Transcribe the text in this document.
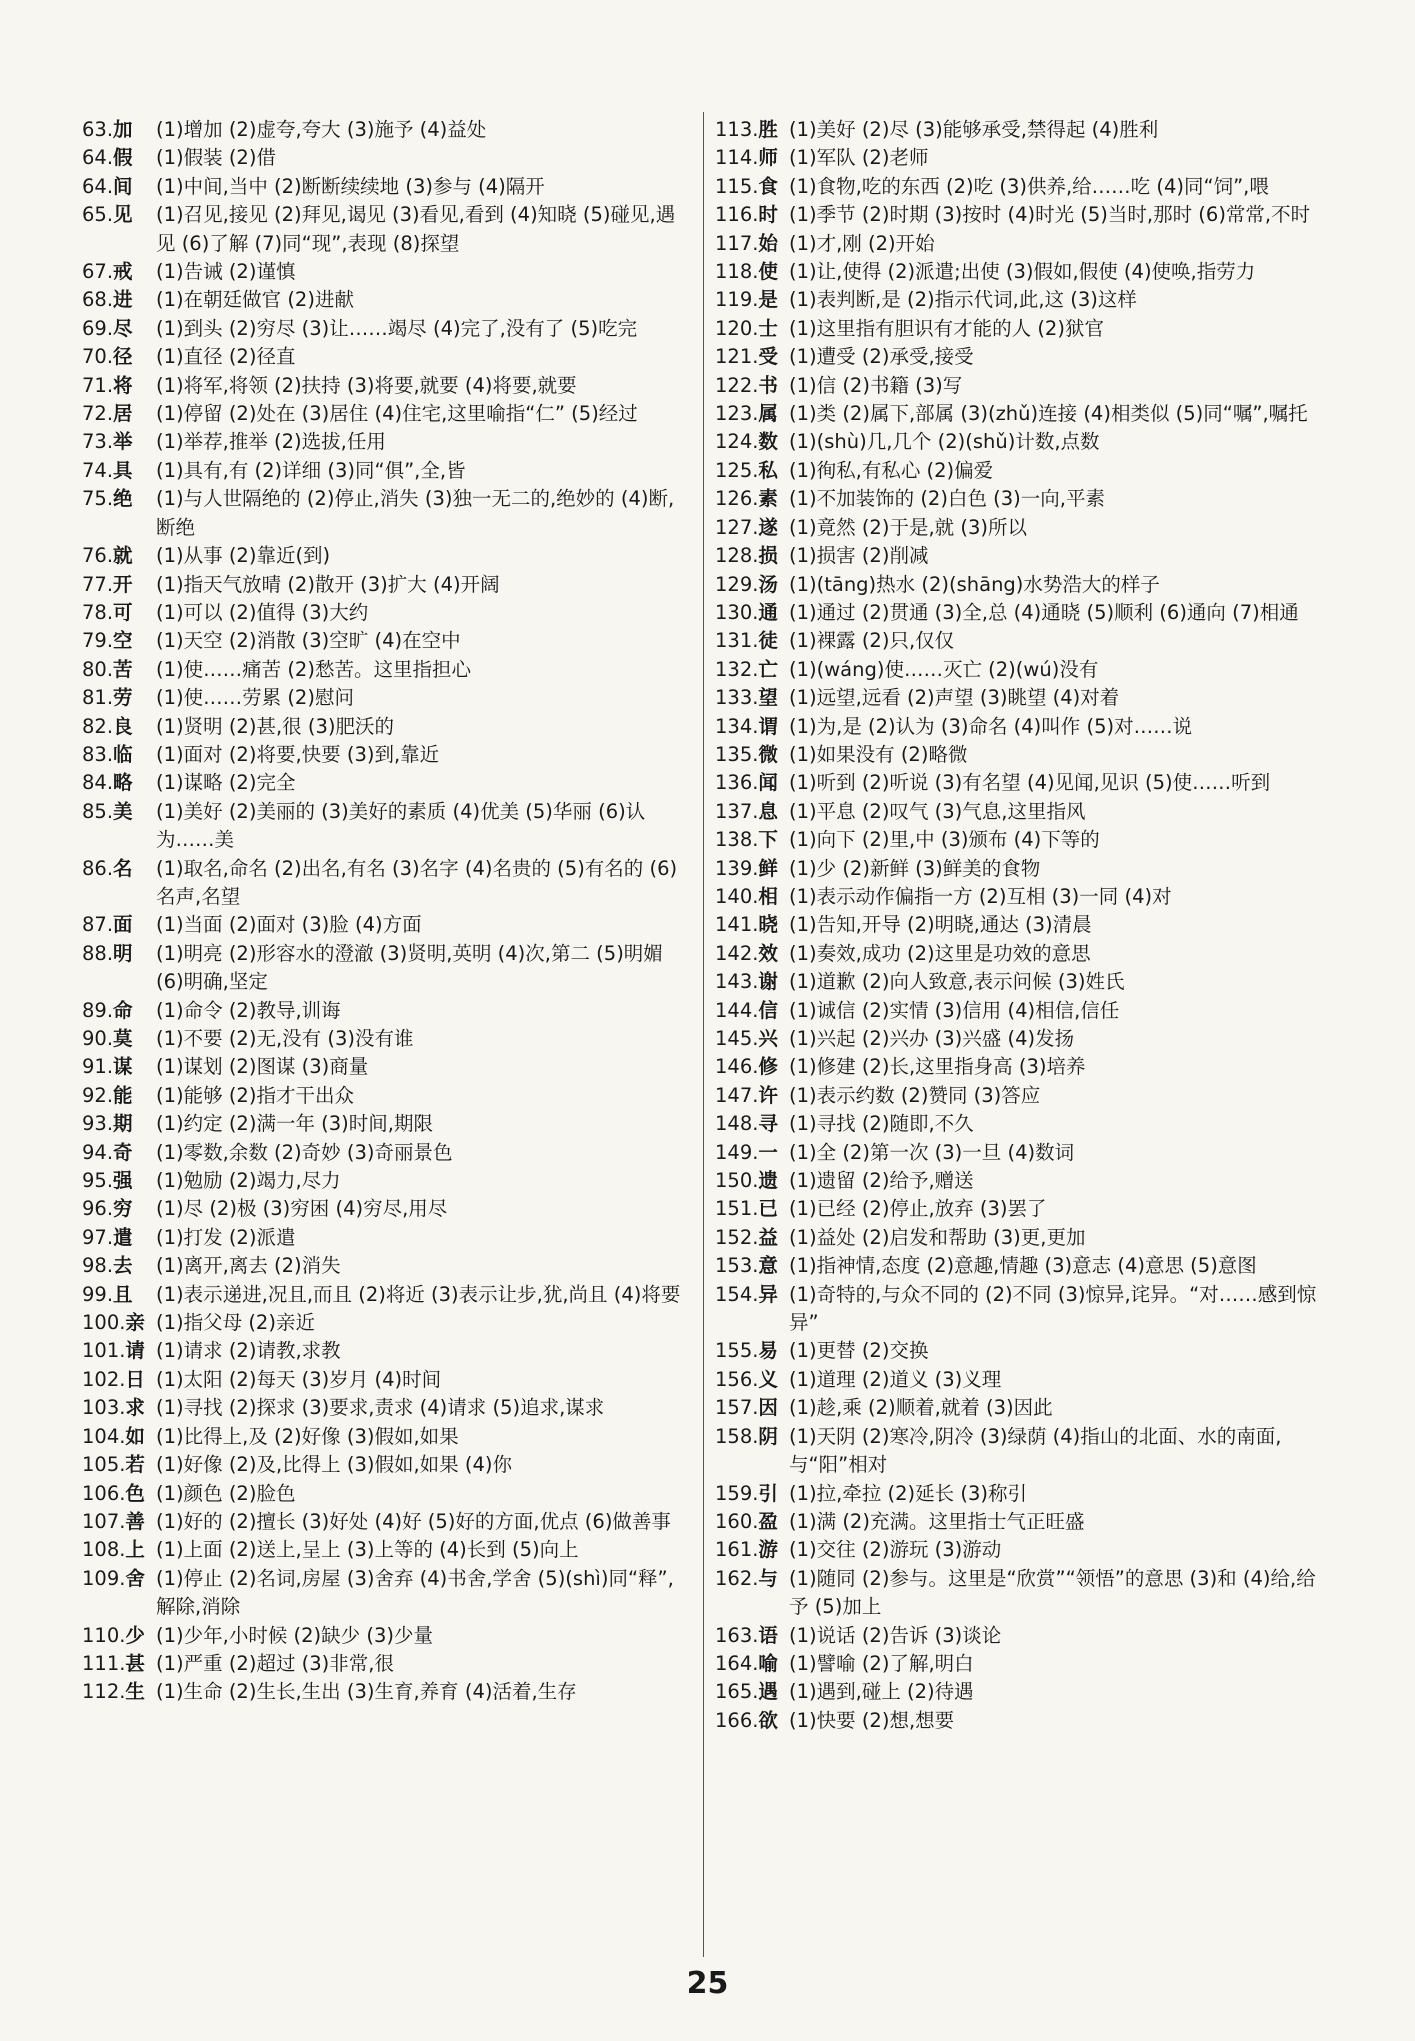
63.加	(1)增加 (2)虚夸,夸大 (3)施予 (4)益处
64.假	(1)假装 (2)借
64.间	(1)中间,当中 (2)断断续续地 (3)参与 (4)隔开
65.见	(1)召见,接见 (2)拜见,谒见 (3)看见,看到 (4)知晓 (5)碰见,遇见 (6)了解 (7)同“现”,表现 (8)探望
67.戒	(1)告诫 (2)谨慎
68.进	(1)在朝廷做官 (2)进献
69.尽	(1)到头 (2)穷尽 (3)让……竭尽 (4)完了,没有了 (5)吃完
70.径	(1)直径 (2)径直
71.将	(1)将军,将领 (2)扶持 (3)将要,就要 (4)将要,就要
72.居	(1)停留 (2)处在 (3)居住 (4)住宅,这里喻指“仁” (5)经过
73.举	(1)举荐,推举 (2)选拔,任用
74.具	(1)具有,有 (2)详细 (3)同“俱”,全,皆
75.绝	(1)与人世隔绝的 (2)停止,消失 (3)独一无二的,绝妙的 (4)断,断绝
76.就	(1)从事 (2)靠近(到)
77.开	(1)指天气放晴 (2)散开 (3)扩大 (4)开阔
78.可	(1)可以 (2)值得 (3)大约
79.空	(1)天空 (2)消散 (3)空旷 (4)在空中
80.苦	(1)使……痛苦 (2)愁苦。这里指担心
81.劳	(1)使……劳累 (2)慰问
82.良	(1)贤明 (2)甚,很 (3)肥沃的
83.临	(1)面对 (2)将要,快要 (3)到,靠近
84.略	(1)谋略 (2)完全
85.美	(1)美好 (2)美丽的 (3)美好的素质 (4)优美 (5)华丽 (6)认为……美
86.名	(1)取名,命名 (2)出名,有名 (3)名字 (4)名贵的 (5)有名的 (6)名声,名望
87.面	(1)当面 (2)面对 (3)脸 (4)方面
88.明	(1)明亮 (2)形容水的澄澈 (3)贤明,英明 (4)次,第二 (5)明媚 (6)明确,坚定
89.命	(1)命令 (2)教导,训诲
90.莫	(1)不要 (2)无,没有 (3)没有谁
91.谋	(1)谋划 (2)图谋 (3)商量
92.能	(1)能够 (2)指才干出众
93.期	(1)约定 (2)满一年 (3)时间,期限
94.奇	(1)零数,余数 (2)奇妙 (3)奇丽景色
95.强	(1)勉励 (2)竭力,尽力
96.穷	(1)尽 (2)极 (3)穷困 (4)穷尽,用尽
97.遣	(1)打发 (2)派遣
98.去	(1)离开,离去 (2)消失
99.且	(1)表示递进,况且,而且 (2)将近 (3)表示让步,犹,尚且 (4)将要
100.亲 (1)指父母 (2)亲近
101.请 (1)请求 (2)请教,求教
102.日 (1)太阳 (2)每天 (3)岁月 (4)时间
103.求 (1)寻找 (2)探求 (3)要求,责求 (4)请求 (5)追求,谋求
104.如 (1)比得上,及 (2)好像 (3)假如,如果
105.若 (1)好像 (2)及,比得上 (3)假如,如果 (4)你
106.色 (1)颜色 (2)脸色
107.善 (1)好的 (2)擅长 (3)好处 (4)好 (5)好的方面,优点 (6)做善事
108.上 (1)上面 (2)送上,呈上 (3)上等的 (4)长到 (5)向上
109.舍 (1)停止 (2)名词,房屋 (3)舍弃 (4)书舍,学舍 (5)(shì)同“释”,解除,消除
110.少 (1)少年,小时候 (2)缺少 (3)少量
111.甚 (1)严重 (2)超过 (3)非常,很
112.生 (1)生命 (2)生长,生出 (3)生育,养育 (4)活着,生存
113.胜 (1)美好 (2)尽 (3)能够承受,禁得起 (4)胜利
114.师 (1)军队 (2)老师
115.食 (1)食物,吃的东西 (2)吃 (3)供养,给……吃 (4)同“饲”,喂
116.时 (1)季节 (2)时期 (3)按时 (4)时光 (5)当时,那时 (6)常常,不时
117.始 (1)才,刚 (2)开始
118.使 (1)让,使得 (2)派遣;出使 (3)假如,假使 (4)使唤,指劳力
119.是 (1)表判断,是 (2)指示代词,此,这 (3)这样
120.士 (1)这里指有胆识有才能的人 (2)狱官
121.受 (1)遭受 (2)承受,接受
122.书 (1)信 (2)书籍 (3)写
123.属 (1)类 (2)属下,部属 (3)(zhǔ)连接 (4)相类似 (5)同“嘱”,嘱托
124.数 (1)(shù)几,几个 (2)(shǔ)计数,点数
125.私 (1)徇私,有私心 (2)偏爱
126.素 (1)不加装饰的 (2)白色 (3)一向,平素
127.遂 (1)竟然 (2)于是,就 (3)所以
128.损 (1)损害 (2)削减
129.汤 (1)(tāng)热水 (2)(shāng)水势浩大的样子
130.通 (1)通过 (2)贯通 (3)全,总 (4)通晓 (5)顺利 (6)通向 (7)相通
131.徒 (1)裸露 (2)只,仅仅
132.亡 (1)(wáng)使……灭亡 (2)(wú)没有
133.望 (1)远望,远看 (2)声望 (3)眺望 (4)对着
134.谓 (1)为,是 (2)认为 (3)命名 (4)叫作 (5)对……说
135.微 (1)如果没有 (2)略微
136.闻 (1)听到 (2)听说 (3)有名望 (4)见闻,见识 (5)使……听到
137.息 (1)平息 (2)叹气 (3)气息,这里指风
138.下 (1)向下 (2)里,中 (3)颁布 (4)下等的
139.鲜 (1)少 (2)新鲜 (3)鲜美的食物
140.相 (1)表示动作偏指一方 (2)互相 (3)一同 (4)对
141.晓 (1)告知,开导 (2)明晓,通达 (3)清晨
142.效 (1)奏效,成功 (2)这里是功效的意思
143.谢 (1)道歉 (2)向人致意,表示问候 (3)姓氏
144.信 (1)诚信 (2)实情 (3)信用 (4)相信,信任
145.兴 (1)兴起 (2)兴办 (3)兴盛 (4)发扬
146.修 (1)修建 (2)长,这里指身高 (3)培养
147.许 (1)表示约数 (2)赞同 (3)答应
148.寻 (1)寻找 (2)随即,不久
149.一 (1)全 (2)第一次 (3)一旦 (4)数词
150.遗 (1)遗留 (2)给予,赠送
151.已 (1)已经 (2)停止,放弃 (3)罢了
152.益 (1)益处 (2)启发和帮助 (3)更,更加
153.意 (1)指神情,态度 (2)意趣,情趣 (3)意志 (4)意思 (5)意图
154.异 (1)奇特的,与众不同的 (2)不同 (3)惊异,诧异。“对……感到惊异”
155.易 (1)更替 (2)交换
156.义 (1)道理 (2)道义 (3)义理
157.因 (1)趁,乘 (2)顺着,就着 (3)因此
158.阴 (1)天阴 (2)寒冷,阴冷 (3)绿荫 (4)指山的北面、水的南面,与“阳”相对
159.引 (1)拉,牵拉 (2)延长 (3)称引
160.盈 (1)满 (2)充满。这里指士气正旺盛
161.游 (1)交往 (2)游玩 (3)游动
162.与 (1)随同 (2)参与。这里是“欣赏”“领悟”的意思 (3)和 (4)给,给予 (5)加上
163.语 (1)说话 (2)告诉 (3)谈论
164.喻 (1)譬喻 (2)了解,明白
165.遇 (1)遇到,碰上 (2)待遇
166.欲 (1)快要 (2)想,想要
25
